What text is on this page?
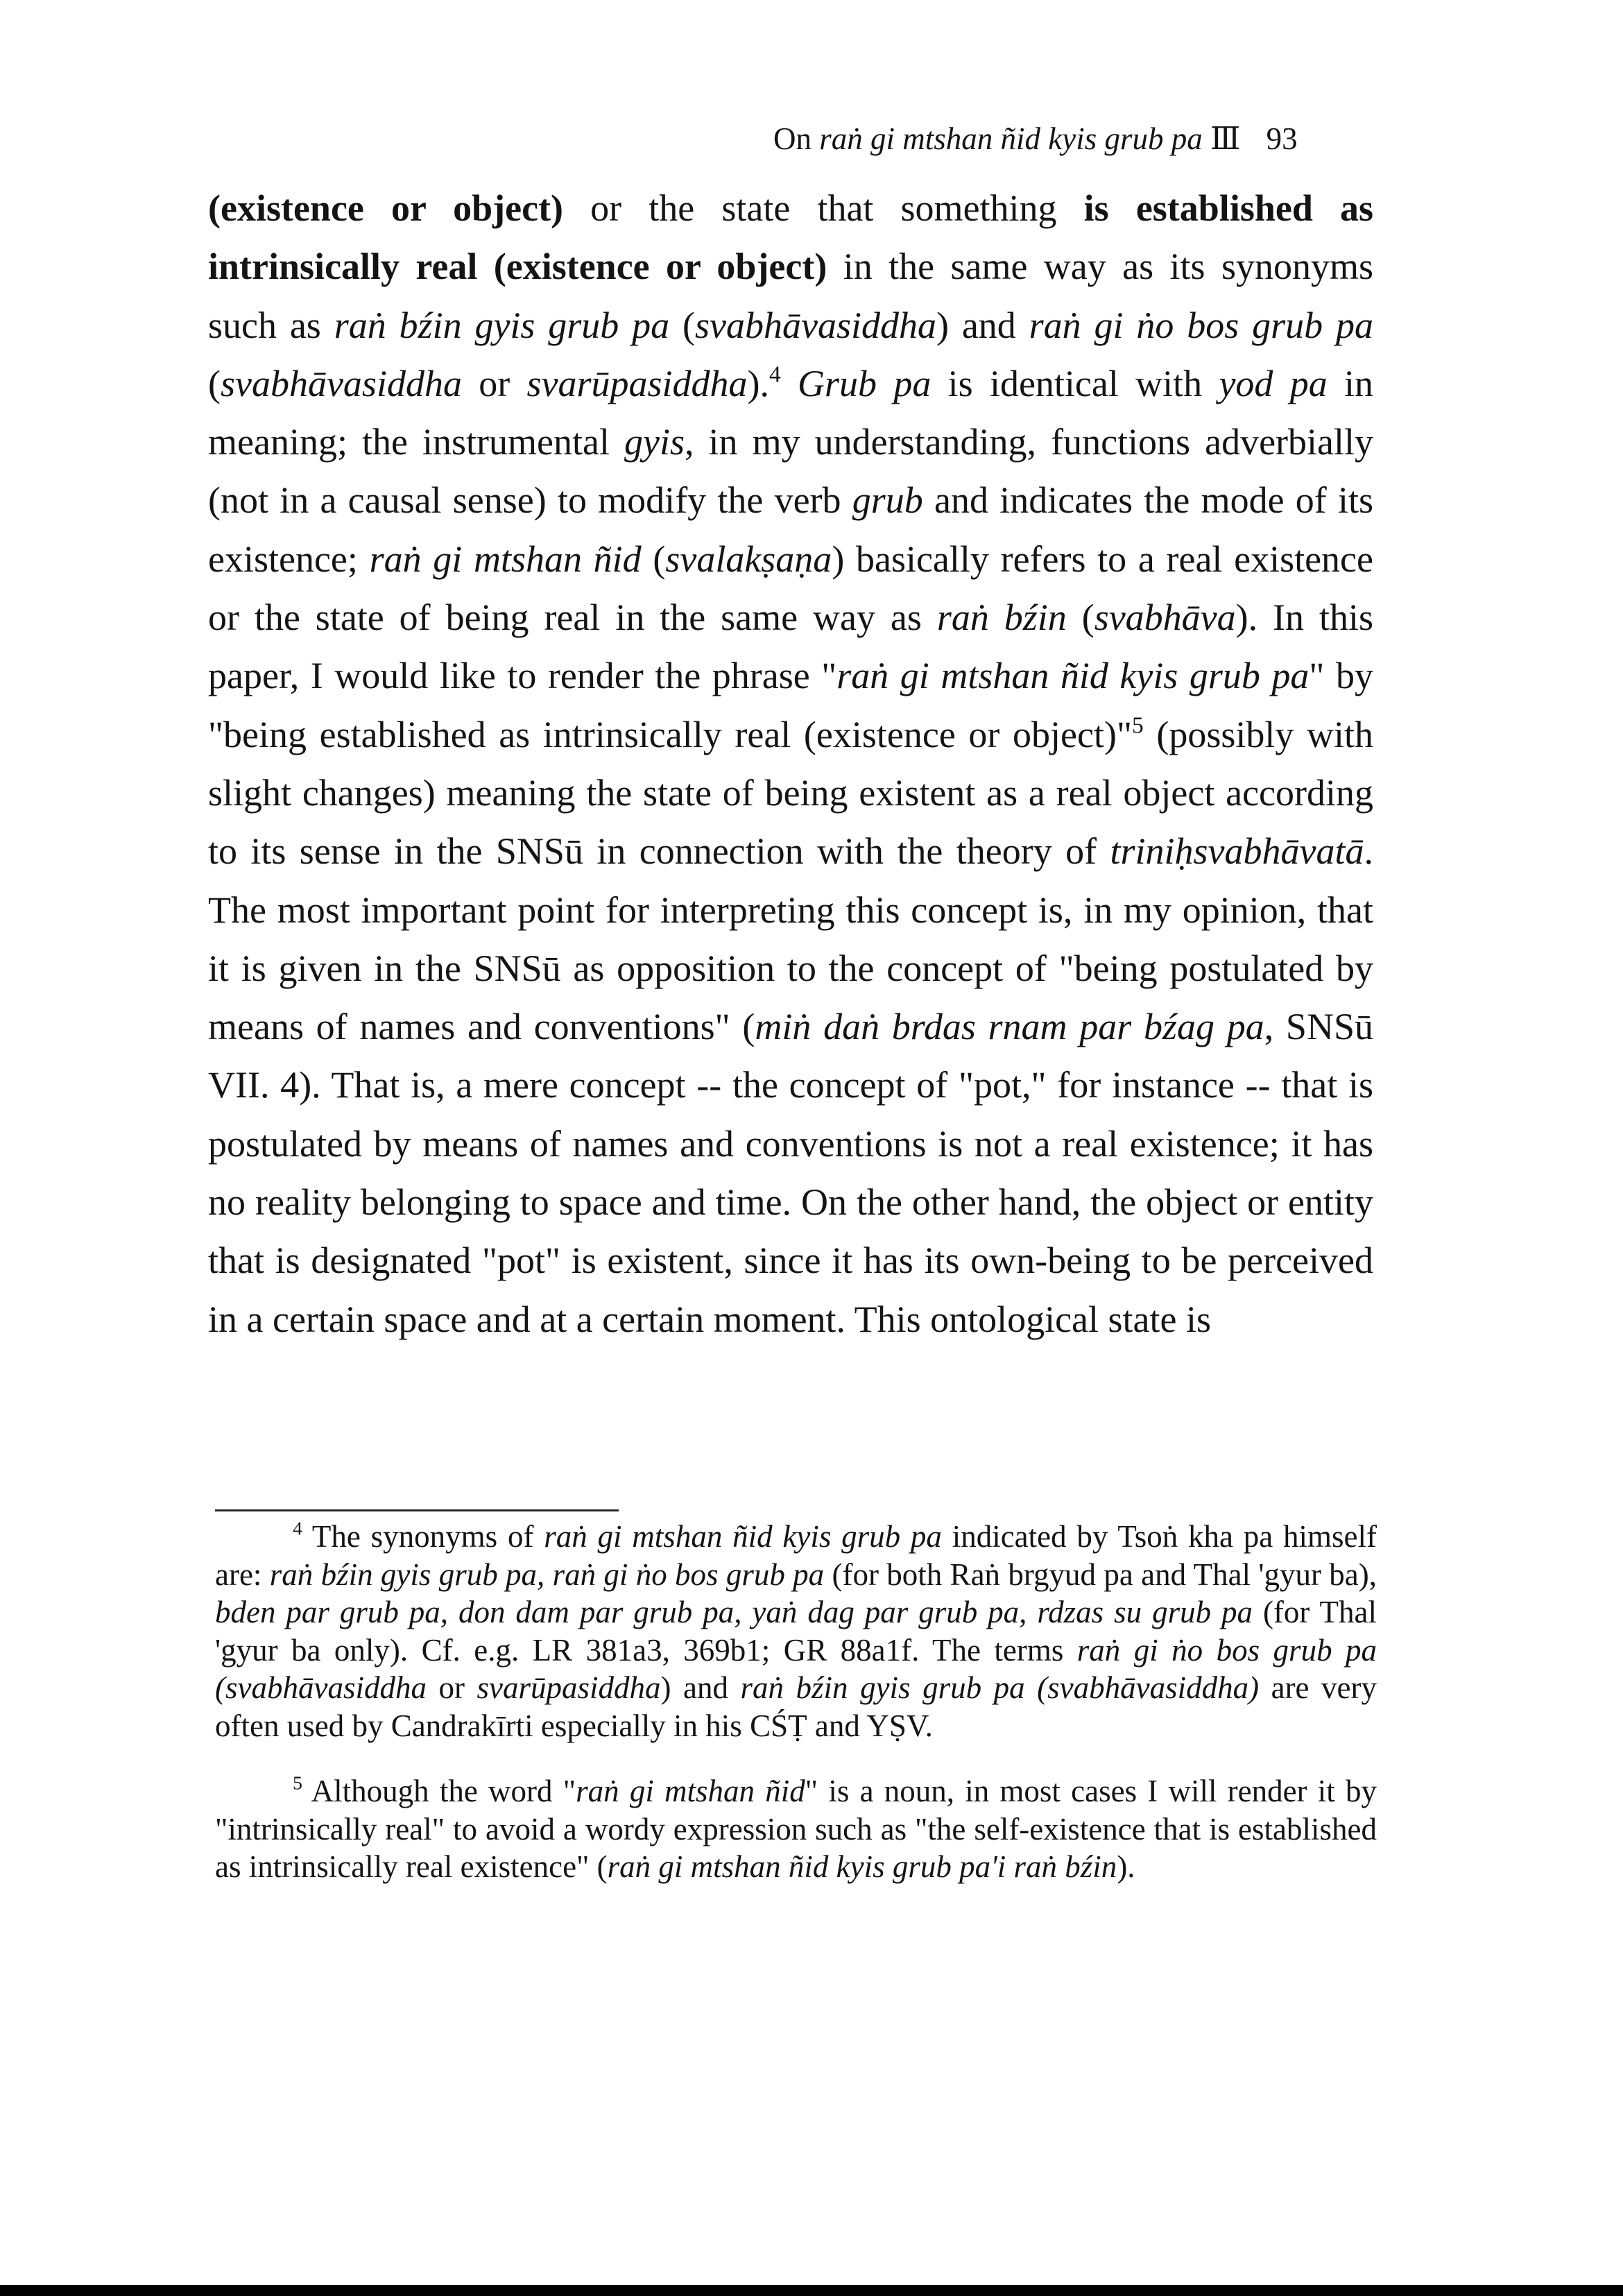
On raṅ gi mtshan ñid kyis grub pa Ⅲ 93

(existence or object) or the state that something is established as intrinsically real (existence or object) in the same way as its synonyms such as raṅ bźin gyis grub pa (svabhāvasiddha) and raṅ gi ṅo bos grub pa (svabhāvasiddha or svarūpasiddha).$^4$ Grub pa is identical with yod pa in meaning; the instrumental gyis, in my understanding, functions adverbially (not in a causal sense) to modify the verb grub and indicates the mode of its existence; raṅ gi mtshan ñid (svalakṣaṇa) basically refers to a real existence or the state of being real in the same way as raṅ bźin (svabhāva). In this paper, I would like to render the phrase "raṅ gi mtshan ñid kyis grub pa" by "being established as intrinsically real (existence or object)"$^5$ (possibly with slight changes) meaning the state of being existent as a real object according to its sense in the SNSū in connection with the theory of triniḥsvabhāvatā. The most important point for interpreting this concept is, in my opinion, that it is given in the SNSū as opposition to the concept of "being postulated by means of names and conventions" (miṅ daṅ brdas rnam par bźag pa, SNSū VII. 4). That is, a mere concept -- the concept of "pot," for instance -- that is postulated by means of names and conventions is not a real existence; it has no reality belonging to space and time. On the other hand, the object or entity that is designated "pot" is existent, since it has its own-being to be perceived in a certain space and at a certain moment. This ontological state is

$^4$ The synonyms of raṅ gi mtshan ñid kyis grub pa indicated by Tsoṅ kha pa himself are: raṅ bźin gyis grub pa, raṅ gi ṅo bos grub pa (for both Raṅ brgyud pa and Thal 'gyur ba), bden par grub pa, don dam par grub pa, yaṅ dag par grub pa, rdzas su grub pa (for Thal 'gyur ba only). Cf. e.g. LR 381a3, 369b1; GR 88a1f. The terms raṅ gi ṅo bos grub pa (svabhāvasiddha or svarūpasiddha) and raṅ bźin gyis grub pa (svabhāvasiddha) are very often used by Candrakīrti especially in his CŚṬ and YṢV.

$^5$ Although the word "raṅ gi mtshan ñid" is a noun, in most cases I will render it by "intrinsically real" to avoid a wordy expression such as "the self-existence that is established as intrinsically real existence" (raṅ gi mtshan ñid kyis grub pa'i raṅ bźin).
